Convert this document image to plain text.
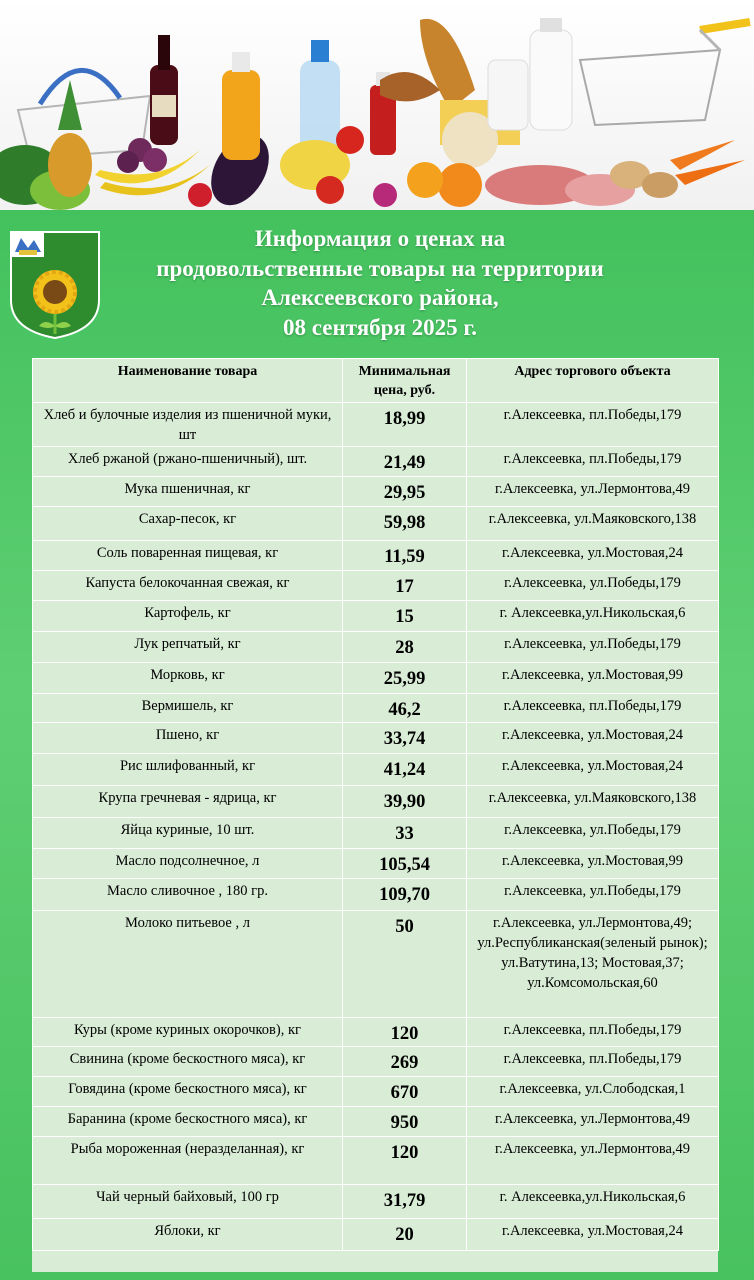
Информация о ценах на
продовольственные товары на территории
Алексеевского района,
08 сентября 2025 г.
Наименование товара	Минимальная цена, руб.	Адрес торгового объекта
Хлеб и булочные изделия из пшеничной муки, шт	18,99	г.Алексеевка, пл.Победы,179
Хлеб ржаной (ржано-пшеничный), шт.	21,49	г.Алексеевка, пл.Победы,179
Мука пшеничная, кг	29,95	г.Алексеевка, ул.Лермонтова,49
Сахар-песок, кг	59,98	г.Алексеевка, ул.Маяковского,138
Соль поваренная пищевая, кг	11,59	г.Алексеевка, ул.Мостовая,24
Капуста белокочанная свежая, кг	17	г.Алексеевка, ул.Победы,179
Картофель, кг	15	г. Алексеевка,ул.Никольская,6
Лук репчатый, кг	28	г.Алексеевка, ул.Победы,179
Морковь, кг	25,99	г.Алексеевка, ул.Мостовая,99
Вермишель, кг	46,2	г.Алексеевка, пл.Победы,179
Пшено, кг	33,74	г.Алексеевка, ул.Мостовая,24
Рис шлифованный, кг	41,24	г.Алексеевка, ул.Мостовая,24
Крупа гречневая - ядрица, кг	39,90	г.Алексеевка, ул.Маяковского,138
Яйца куриные, 10 шт.	33	г.Алексеевка, ул.Победы,179
Масло подсолнечное, л	105,54	г.Алексеевка, ул.Мостовая,99
Масло сливочное , 180 гр.	109,70	г.Алексеевка, ул.Победы,179
Молоко питьевое , л	50	г.Алексеевка, ул.Лермонтова,49; ул.Республиканская(зеленый рынок); ул.Ватутина,13; Мостовая,37; ул.Комсомольская,60
Куры (кроме куриных окорочков), кг	120	г.Алексеевка, пл.Победы,179
Свинина (кроме бескостного мяса), кг	269	г.Алексеевка, пл.Победы,179
Говядина (кроме бескостного мяса), кг	670	г.Алексеевка, ул.Слободская,1
Баранина (кроме бескостного мяса), кг	950	г.Алексеевка, ул.Лермонтова,49
Рыба мороженная (неразделанная), кг	120	г.Алексеевка, ул.Лермонтова,49
Чай черный байховый, 100 гр	31,79	г. Алексеевка,ул.Никольская,6
Яблоки, кг	20	г.Алексеевка, ул.Мостовая,24
